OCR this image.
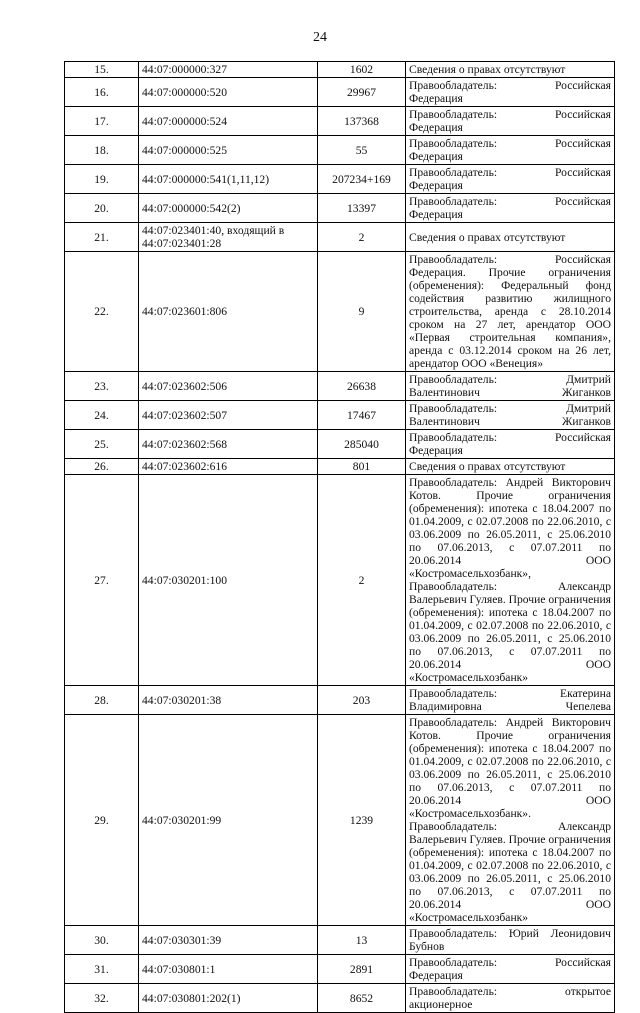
24
15.	44:07:000000:327	1602	Сведения о правах отсутствуют
16.	44:07:000000:520	29967	Правообладатель: Российская Федерация
17.	44:07:000000:524	137368	Правообладатель: Российская Федерация
18.	44:07:000000:525	55	Правообладатель: Российская Федерация
19.	44:07:000000:541(1,11,12)	207234+169	Правообладатель: Российская Федерация
20.	44:07:000000:542(2)	13397	Правообладатель: Российская Федерация
21.	44:07:023401:40, входящий в 44:07:023401:28	2	Сведения о правах отсутствуют
22.	44:07:023601:806	9	Правообладатель: Российская Федерация. Прочие ограничения (обременения): Федеральный фонд содействия развитию жилищного строительства, аренда с 28.10.2014 сроком на 27 лет, арендатор ООО «Первая строительная компания», аренда с 03.12.2014 сроком на 26 лет, арендатор ООО «Венеция»
23.	44:07:023602:506	26638	Правообладатель: Дмитрий Валентинович Жиганков
24.	44:07:023602:507	17467	Правообладатель: Дмитрий Валентинович Жиганков
25.	44:07:023602:568	285040	Правообладатель: Российская Федерация
26.	44:07:023602:616	801	Сведения о правах отсутствуют
27.	44:07:030201:100	2	Правообладатель: Андрей Викторович Котов. Прочие ограничения (обременения): ипотека с 18.04.2007 по 01.04.2009, с 02.07.2008 по 22.06.2010, с 03.06.2009 по 26.05.2011, с 25.06.2010 по 07.06.2013, с 07.07.2011 по 20.06.2014 ООО «Костромасельхозбанк», Правообладатель: Александр Валерьевич Гуляев. Прочие ограничения (обременения): ипотека с 18.04.2007 по 01.04.2009, с 02.07.2008 по 22.06.2010, с 03.06.2009 по 26.05.2011, с 25.06.2010 по 07.06.2013, с 07.07.2011 по 20.06.2014 ООО «Костромасельхозбанк»
28.	44:07:030201:38	203	Правообладатель: Екатерина Владимировна Чепелева
29.	44:07:030201:99	1239	Правообладатель: Андрей Викторович Котов. Прочие ограничения (обременения): ипотека с 18.04.2007 по 01.04.2009, с 02.07.2008 по 22.06.2010, с 03.06.2009 по 26.05.2011, с 25.06.2010 по 07.06.2013, с 07.07.2011 по 20.06.2014 ООО «Костромасельхозбанк». Правообладатель: Александр Валерьевич Гуляев. Прочие ограничения (обременения): ипотека с 18.04.2007 по 01.04.2009, с 02.07.2008 по 22.06.2010, с 03.06.2009 по 26.05.2011, с 25.06.2010 по 07.06.2013, с 07.07.2011 по 20.06.2014 ООО «Костромасельхозбанк»
30.	44:07:030301:39	13	Правообладатель: Юрий Леонидович Бубнов
31.	44:07:030801:1	2891	Правообладатель: Российская Федерация
32.	44:07:030801:202(1)	8652	Правообладатель: открытое акционерное
